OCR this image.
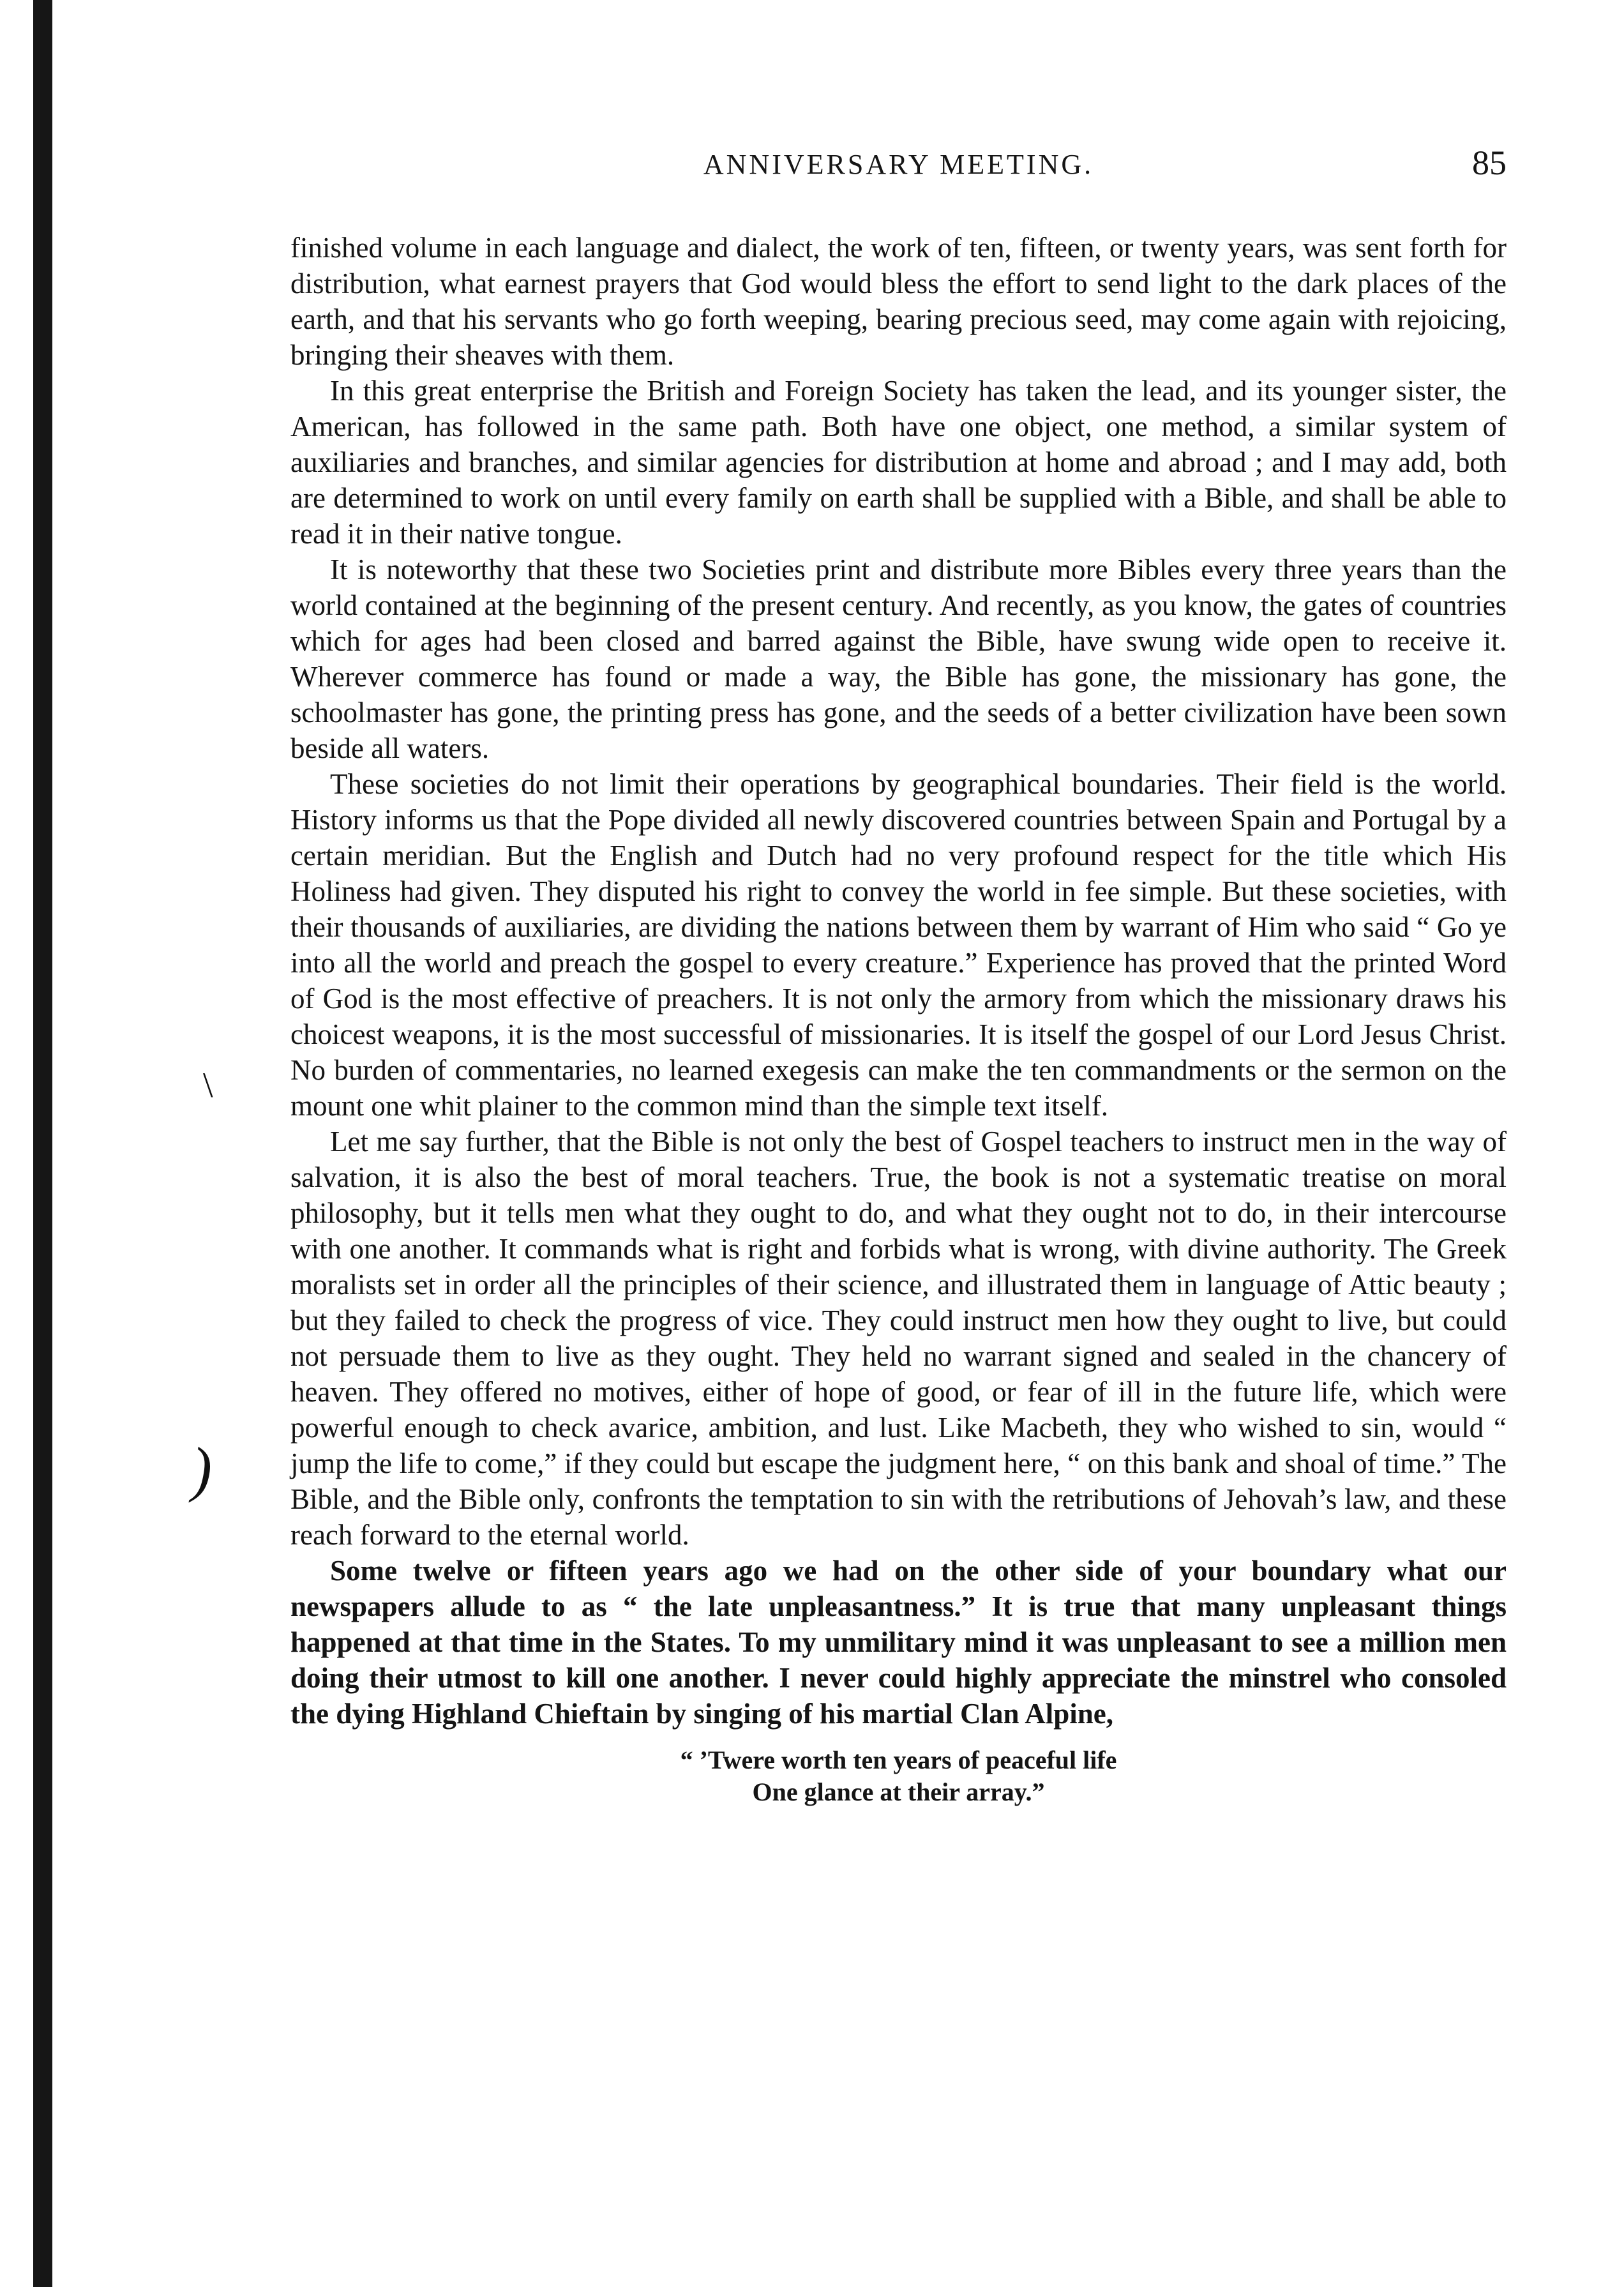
\
)
ANNIVERSARY MEETING.	85

finished volume in each language and dialect, the work of ten, fifteen, or twenty years, was sent forth for distribution, what earnest prayers that God would bless the effort to send light to the dark places of the earth, and that his servants who go forth weeping, bearing precious seed, may come again with rejoicing, bringing their sheaves with them.

In this great enterprise the British and Foreign Society has taken the lead, and its younger sister, the American, has followed in the same path. Both have one object, one method, a similar system of auxiliaries and branches, and similar agencies for distribution at home and abroad ; and I may add, both are determined to work on until every family on earth shall be supplied with a Bible, and shall be able to read it in their native tongue.

It is noteworthy that these two Societies print and distribute more Bibles every three years than the world contained at the beginning of the present century. And recently, as you know, the gates of countries which for ages had been closed and barred against the Bible, have swung wide open to receive it. Wherever commerce has found or made a way, the Bible has gone, the missionary has gone, the schoolmaster has gone, the printing press has gone, and the seeds of a better civilization have been sown beside all waters.

These societies do not limit their operations by geographical boundaries. Their field is the world. History informs us that the Pope divided all newly discovered countries between Spain and Portugal by a certain meridian. But the English and Dutch had no very profound respect for the title which His Holiness had given. They disputed his right to convey the world in fee simple. But these societies, with their thousands of auxiliaries, are dividing the nations between them by warrant of Him who said “ Go ye into all the world and preach the gospel to every creature.” Experience has proved that the printed Word of God is the most effective of preachers. It is not only the armory from which the missionary draws his choicest weapons, it is the most successful of missionaries. It is itself the gospel of our Lord Jesus Christ. No burden of commentaries, no learned exegesis can make the ten commandments or the sermon on the mount one whit plainer to the common mind than the simple text itself.

Let me say further, that the Bible is not only the best of Gospel teachers to instruct men in the way of salvation, it is also the best of moral teachers. True, the book is not a systematic treatise on moral philosophy, but it tells men what they ought to do, and what they ought not to do, in their intercourse with one another. It commands what is right and forbids what is wrong, with divine authority. The Greek moralists set in order all the principles of their science, and illustrated them in language of Attic beauty ; but they failed to check the progress of vice. They could instruct men how they ought to live, but could not persuade them to live as they ought. They held no warrant signed and sealed in the chancery of heaven. They offered no motives, either of hope of good, or fear of ill in the future life, which were powerful enough to check avarice, ambition, and lust. Like Macbeth, they who wished to sin, would “ jump the life to come,” if they could but escape the judgment here, “ on this bank and shoal of time.” The Bible, and the Bible only, confronts the temptation to sin with the retributions of Jehovah’s law, and these reach forward to the eternal world.

Some twelve or fifteen years ago we had on the other side of your boundary what our newspapers allude to as “ the late unpleasantness.” It is true that many unpleasant things happened at that time in the States. To my unmilitary mind it was unpleasant to see a million men doing their utmost to kill one another. I never could highly appreciate the minstrel who consoled the dying Highland Chieftain by singing of his martial Clan Alpine,

“ ’Twere worth ten years of peaceful life
One glance at their array.”
